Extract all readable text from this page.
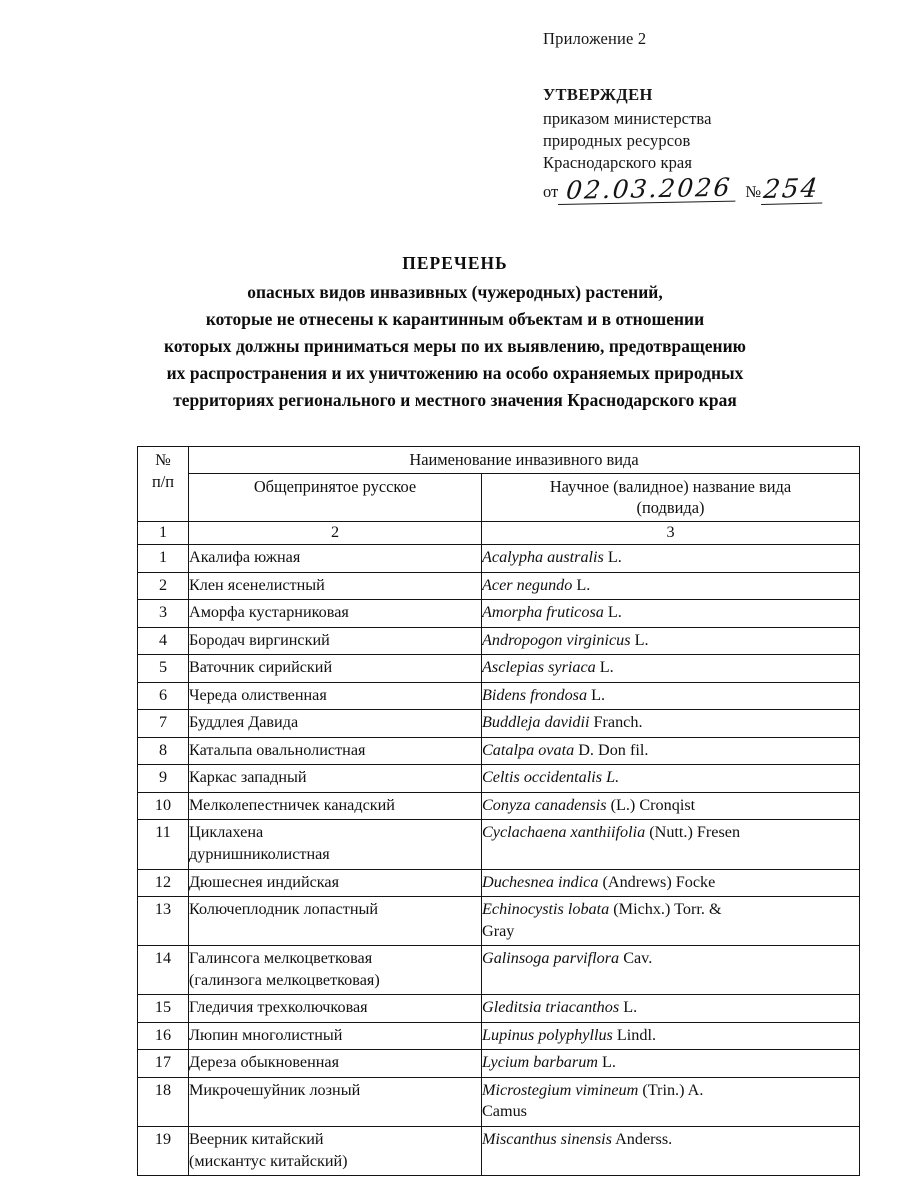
Приложение 2
УТВЕРЖДЕН
приказом министерства
природных ресурсов
Краснодарского края
от 02.03.2026 № 254
ПЕРЕЧЕНЬ
опасных видов инвазивных (чужеродных) растений,
которые не отнесены к карантинным объектам и в отношении
которых должны приниматься меры по их выявлению, предотвращению
их распространения и их уничтожению на особо охраняемых природных
территориях регионального и местного значения Краснодарского края
№
п/п	Наименование инвазивного вида	
	Общепринятое русское	Научное (валидное) название вида
(подвида)
1	2	3
1	Акалифа южная	Acalypha australis L.
2	Клен ясенелистный	Acer negundo L.
3	Аморфа кустарниковая	Amorpha fruticosa L.
4	Бородач виргинский	Andropogon virginicus L.
5	Ваточник сирийский	Asclepias syriaca L.
6	Череда олиственная	Bidens frondosa L.
7	Буддлея Давида	Buddleja davidii Franch.
8	Катальпа овальнолистная	Catalpa ovata D. Don fil.
9	Каркас западный	Celtis occidentalis L.
10	Мелколепестничек канадский	Conyza canadensis (L.) Cronqist
11	Циклахена
дурнишниколистная	Cyclachaena xanthiifolia (Nutt.) Fresen
12	Дюшеснея индийская	Duchesnea indica (Andrews) Focke
13	Колючеплодник лопастный	Echinocystis lobata (Michx.) Torr. &
Gray

14	Галинсога мелкоцветковая
(галинзога мелкоцветковая)	Galinsoga parviflora Cav.
15	Гледичия трехколючковая	Gleditsia triacanthos L.
16	Люпин многолистный	Lupinus polyphyllus Lindl.
17	Дереза обыкновенная	Lycium barbarum L.
18	Микрочешуйник лозный	Microstegium vimineum (Trin.) A.
Camus

19	Веерник китайский
(мискантус китайский)	Miscanthus sinensis Anderss.
